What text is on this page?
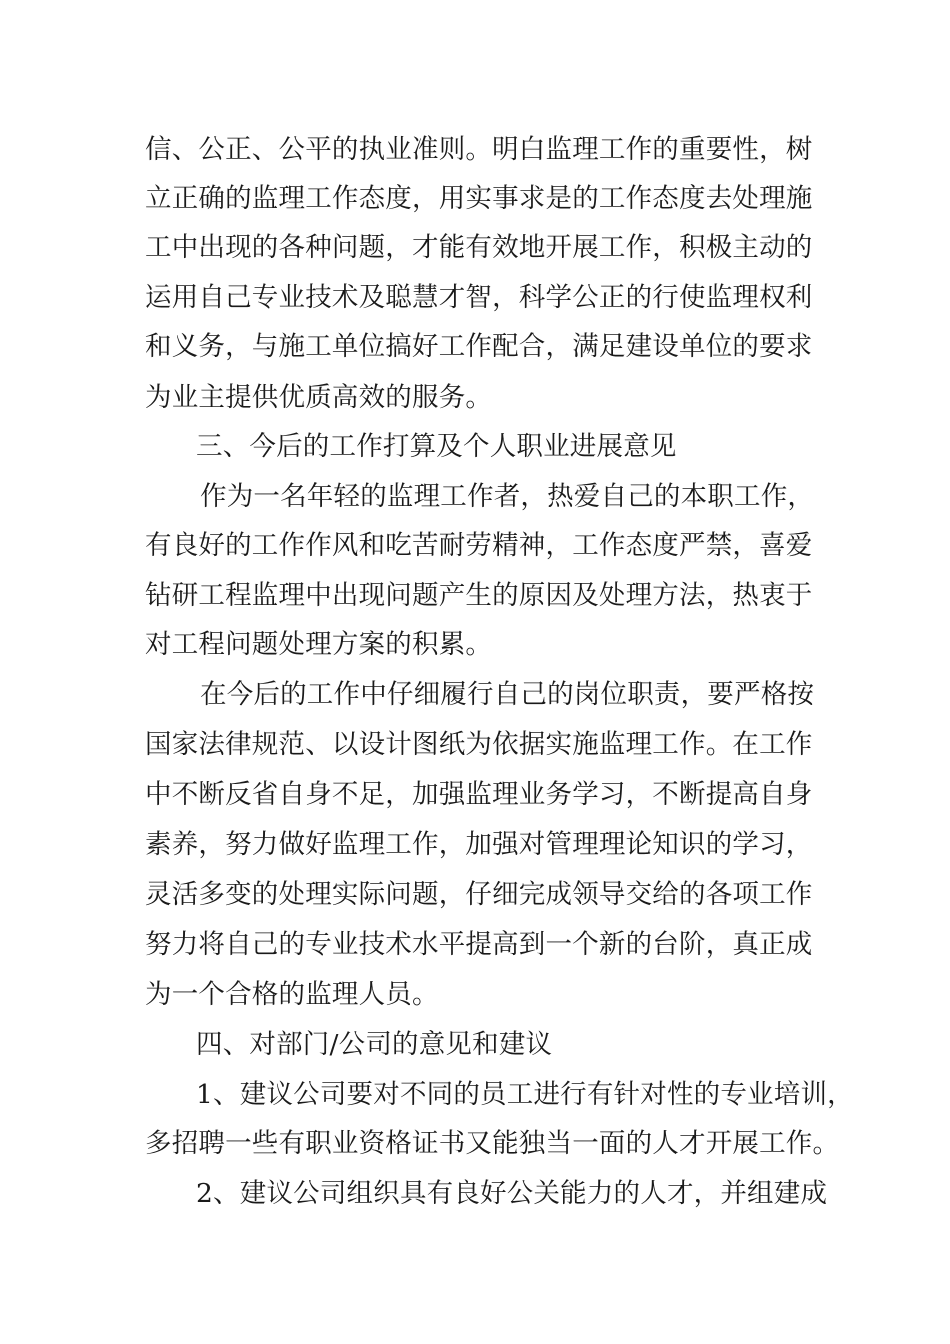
信、公正、公平的执业准则。明白监理工作的重要性，树
立正确的监理工作态度，用实事求是的工作态度去处理施
工中出现的各种问题，才能有效地开展工作，积极主动的
运用自己专业技术及聪慧才智，科学公正的行使监理权利
和义务，与施工单位搞好工作配合，满足建设单位的要求
为业主提供优质高效的服务。
三、今后的工作打算及个人职业进展意见
作为一名年轻的监理工作者，热爱自己的本职工作，
有良好的工作作风和吃苦耐劳精神，工作态度严禁，喜爱
钻研工程监理中出现问题产生的原因及处理方法，热衷于
对工程问题处理方案的积累。
在今后的工作中仔细履行自己的岗位职责，要严格按
国家法律规范、以设计图纸为依据实施监理工作。在工作
中不断反省自身不足，加强监理业务学习，不断提高自身
素养，努力做好监理工作，加强对管理理论知识的学习，
灵活多变的处理实际问题，仔细完成领导交给的各项工作
努力将自己的专业技术水平提高到一个新的台阶，真正成
为一个合格的监理人员。
四、对部门/公司的意见和建议
1、建议公司要对不同的员工进行有针对性的专业培训，
多招聘一些有职业资格证书又能独当一面的人才开展工作。
2、建议公司组织具有良好公关能力的人才，并组建成
